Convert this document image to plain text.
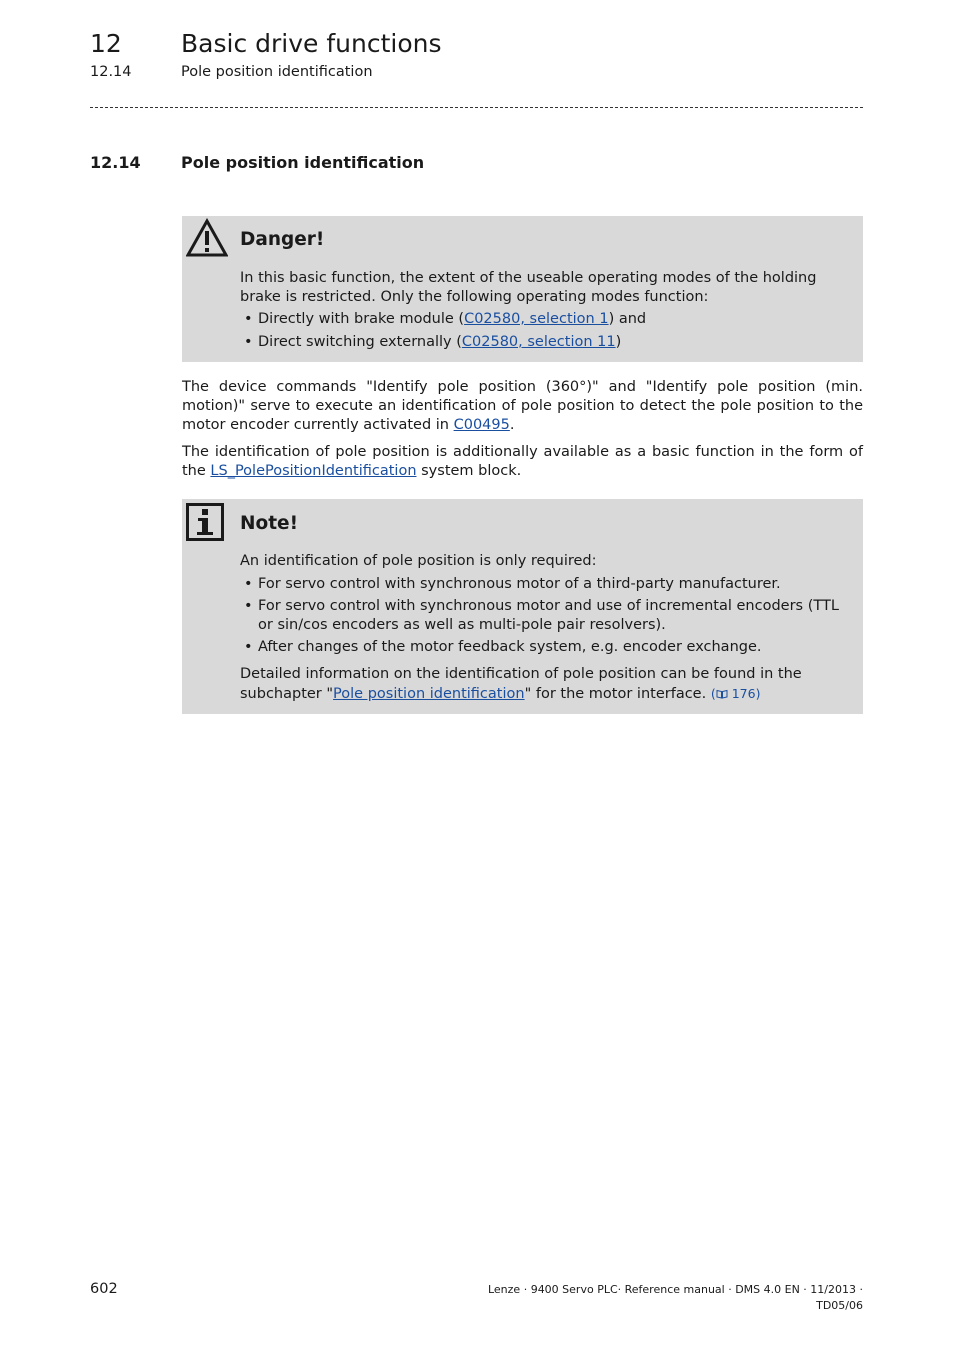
12 Basic drive functions
12.14	Pole position identification
12.14	Pole position identification
Danger!
In this basic function, the extent of the useable operating modes of the holding brake is restricted. Only the following operating modes function:
• Directly with brake module (C02580, selection 1) and
• Direct switching externally (C02580, selection 11)
The device commands "Identify pole position (360°)" and "Identify pole position (min. motion)" serve to execute an identification of pole position to detect the pole position to the motor encoder currently activated in C00495.
The identification of pole position is additionally available as a basic function in the form of the LS_PolePositionIdentification system block.
Note!
An identification of pole position is only required:
• For servo control with synchronous motor of a third-party manufacturer.
• For servo control with synchronous motor and use of incremental encoders (TTL or sin/cos encoders as well as multi-pole pair resolvers).
• After changes of the motor feedback system, e.g. encoder exchange.
Detailed information on the identification of pole position can be found in the subchapter "Pole position identification" for the motor interface. ( 176)
602	Lenze · 9400 Servo PLC· Reference manual · DMS 4.0 EN · 11/2013 · TD05/06
